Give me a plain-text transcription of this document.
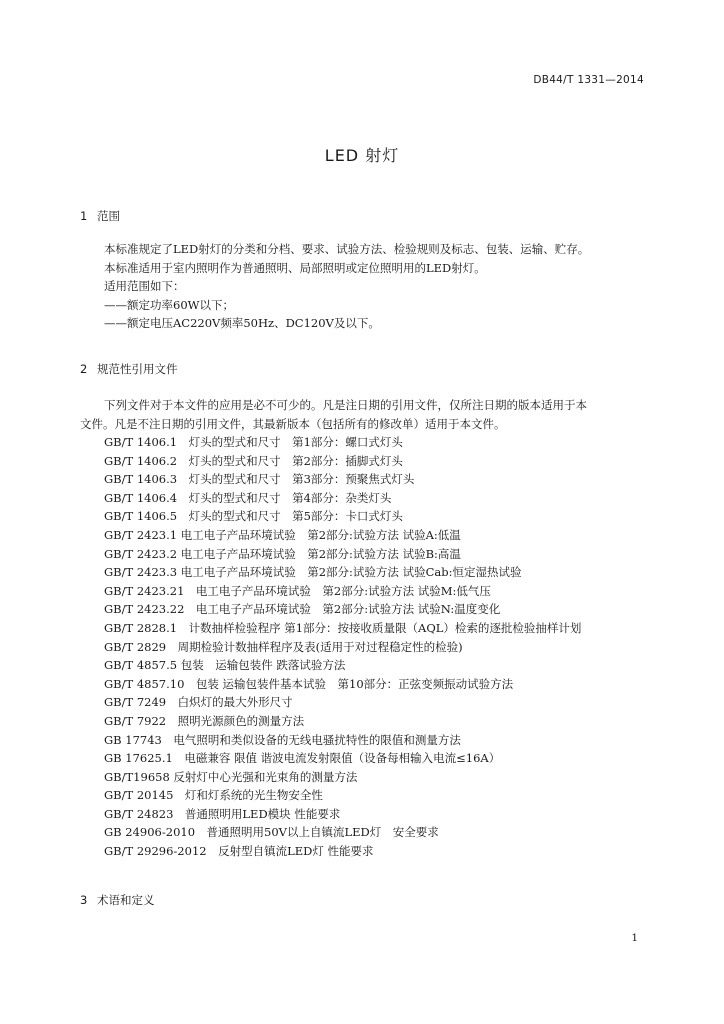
DB44/T 1331—2014
LED 射灯
1 范围
本标准规定了LED射灯的分类和分档、要求、试验方法、检验规则及标志、包装、运输、贮存。
本标准适用于室内照明作为普通照明、局部照明或定位照明用的LED射灯。
适用范围如下：
——额定功率60W以下；
——额定电压AC220V频率50Hz、DC120V及以下。
2 规范性引用文件
下列文件对于本文件的应用是必不可少的。凡是注日期的引用文件，仅所注日期的版本适用于本
文件。凡是不注日期的引用文件，其最新版本（包括所有的修改单）适用于本文件。
GB/T 1406.1　灯头的型式和尺寸　第1部分：螺口式灯头
GB/T 1406.2　灯头的型式和尺寸　第2部分：插脚式灯头
GB/T 1406.3　灯头的型式和尺寸　第3部分：预聚焦式灯头
GB/T 1406.4　灯头的型式和尺寸　第4部分：杂类灯头
GB/T 1406.5　灯头的型式和尺寸　第5部分：卡口式灯头
GB/T 2423.1 电工电子产品环境试验　第2部分:试验方法 试验A:低温
GB/T 2423.2 电工电子产品环境试验　第2部分:试验方法 试验B:高温
GB/T 2423.3 电工电子产品环境试验　第2部分:试验方法 试验Cab:恒定湿热试验
GB/T 2423.21　电工电子产品环境试验　第2部分:试验方法 试验M:低气压
GB/T 2423.22　电工电子产品环境试验　第2部分:试验方法 试验N:温度变化
GB/T 2828.1　计数抽样检验程序 第1部分：按接收质量限（AQL）检索的逐批检验抽样计划
GB/T 2829　周期检验计数抽样程序及表(适用于对过程稳定性的检验)
GB/T 4857.5 包装　运输包装件 跌落试验方法
GB/T 4857.10　包装 运输包装件基本试验　第10部分：正弦变频振动试验方法
GB/T 7249　白炽灯的最大外形尺寸
GB/T 7922　照明光源颜色的测量方法
GB 17743　电气照明和类似设备的无线电骚扰特性的限值和测量方法
GB 17625.1　电磁兼容 限值 谐波电流发射限值（设备每相输入电流≤16A）
GB/T19658 反射灯中心光强和光束角的测量方法
GB/T 20145　灯和灯系统的光生物安全性
GB/T 24823　普通照明用LED模块 性能要求
GB 24906-2010　普通照明用50V以上自镇流LED灯　安全要求
GB/T 29296-2012　反射型自镇流LED灯 性能要求
3 术语和定义
1
